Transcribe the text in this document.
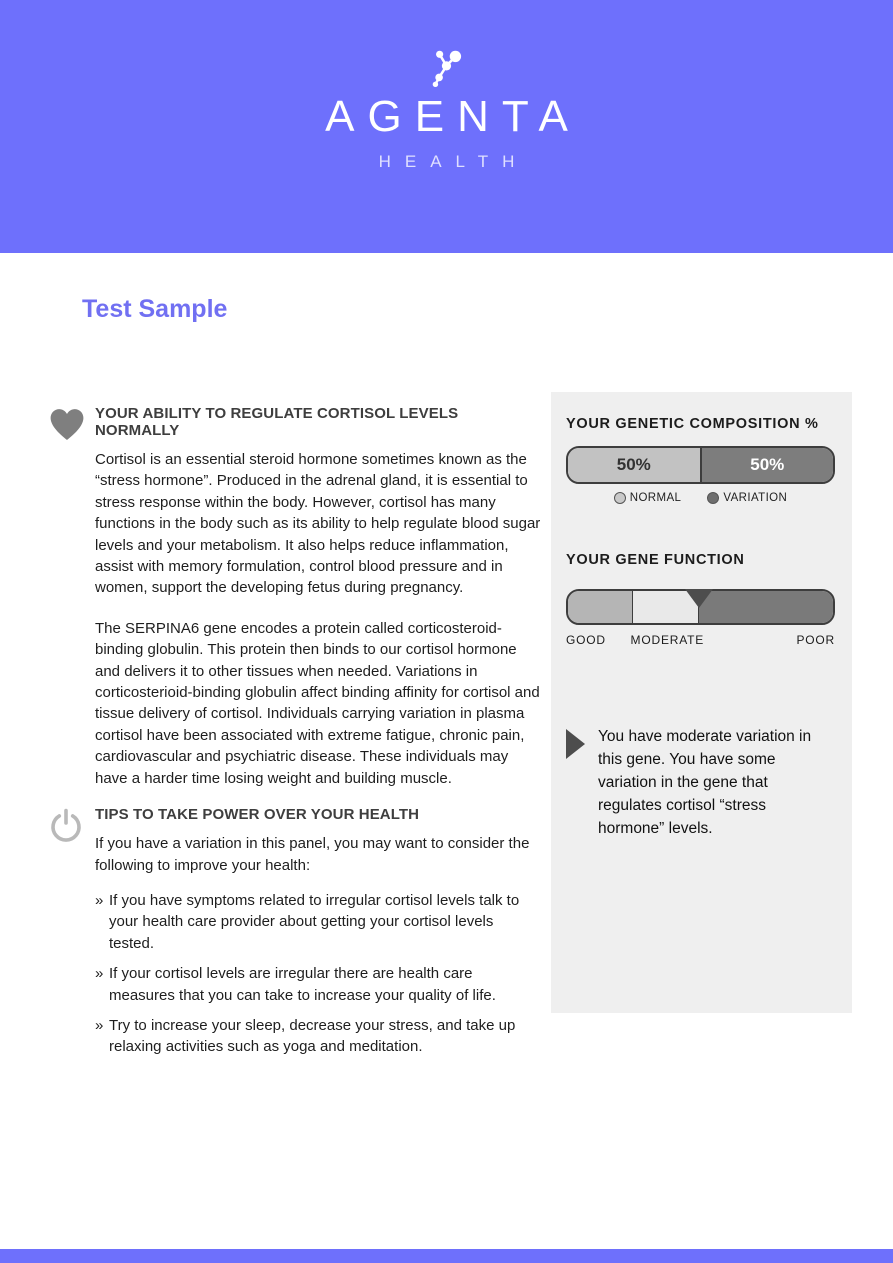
AGENTA
HEALTH
Test Sample
YOUR ABILITY TO REGULATE CORTISOL LEVELS NORMALLY

Cortisol is an essential steroid hormone sometimes known as the “stress hormone”. Produced in the adrenal gland, it is essential to stress response within the body. However, cortisol has many functions in the body such as its ability to help regulate blood sugar levels and your metabolism. It also helps reduce inflammation, assist with memory formulation, control blood pressure and in women, support the developing fetus during pregnancy.

The SERPINA6 gene encodes a protein called corticosteroid-binding globulin. This protein then binds to our cortisol hormone and delivers it to other tissues when needed. Variations in corticosterioid-binding globulin affect binding affinity for cortisol and tissue delivery of cortisol. Individuals carrying variation in plasma cortisol have been associated with extreme fatigue, chronic pain, cardiovascular and psychiatric disease. These individuals may have a harder time losing weight and building muscle.

TIPS TO TAKE POWER OVER YOUR HEALTH

If you have a variation in this panel, you may want to consider the following to improve your health:

» If you have symptoms related to irregular cortisol levels talk to your health care provider about getting your cortisol levels tested.
» If your cortisol levels are irregular there are health care measures that you can take to increase your quality of life.
» Try to increase your sleep, decrease your stress, and take up relaxing activities such as yoga and meditation.
YOUR GENETIC COMPOSITION %
50%	50%
NORMAL	VARIATION
YOUR GENE FUNCTION
GOOD MODERATE	POOR

You have moderate variation in this gene. You have some variation in the gene that regulates cortisol “stress hormone” levels.
